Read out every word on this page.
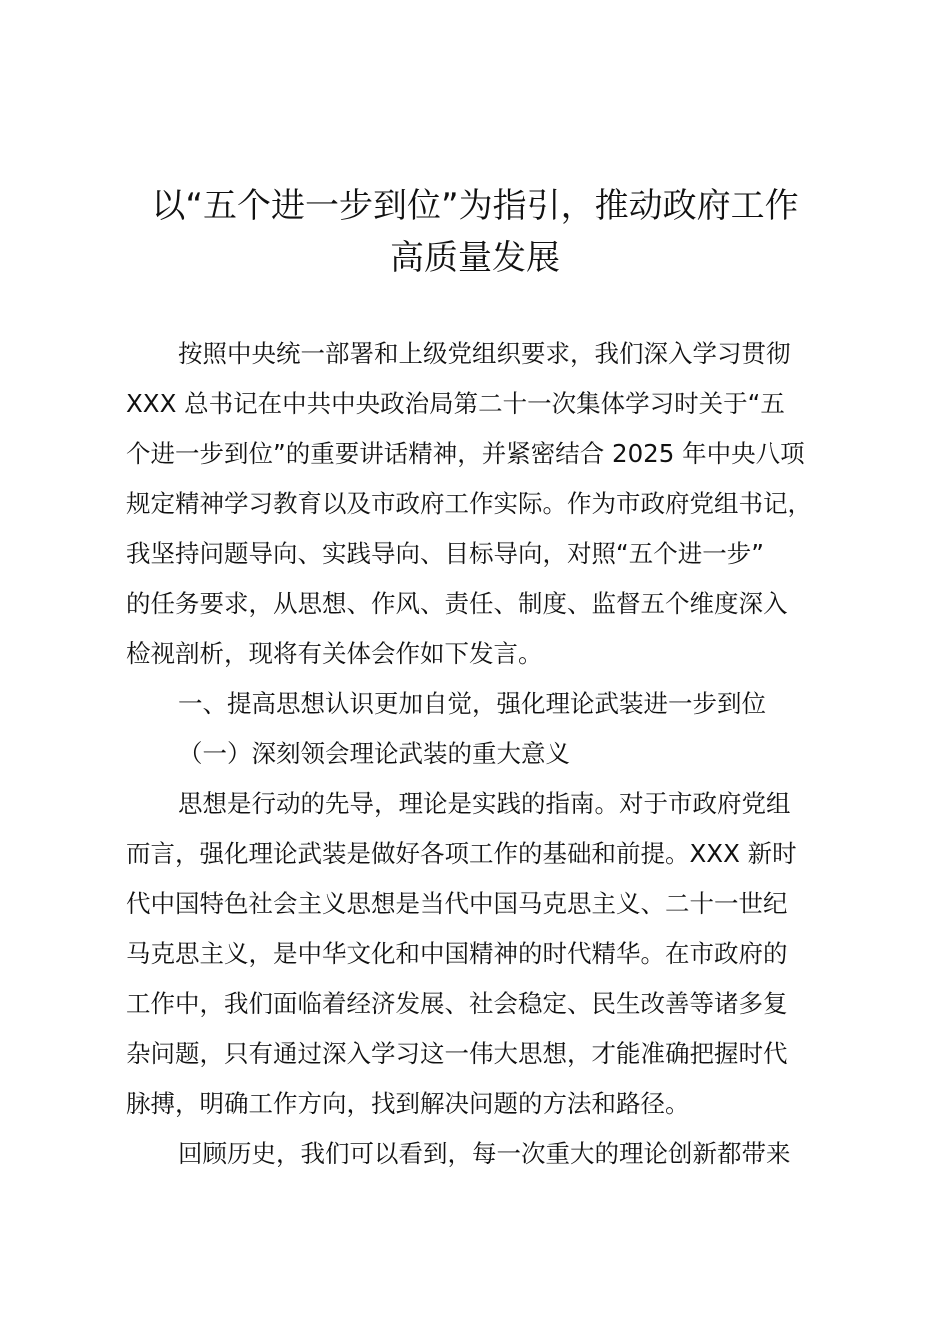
以“五个进一步到位”为指引，推动政府工作
高质量发展
按照中央统一部署和上级党组织要求，我们深入学习贯彻
XXX 总书记在中共中央政治局第二十一次集体学习时关于“五
个进一步到位”的重要讲话精神，并紧密结合 2025 年中央八项
规定精神学习教育以及市政府工作实际。作为市政府党组书记，
我坚持问题导向、实践导向、目标导向，对照“五个进一步”
的任务要求，从思想、作风、责任、制度、监督五个维度深入
检视剖析，现将有关体会作如下发言。
一、提高思想认识更加自觉，强化理论武装进一步到位
（一）深刻领会理论武装的重大意义
思想是行动的先导，理论是实践的指南。对于市政府党组
而言，强化理论武装是做好各项工作的基础和前提。XXX 新时
代中国特色社会主义思想是当代中国马克思主义、二十一世纪
马克思主义，是中华文化和中国精神的时代精华。在市政府的
工作中，我们面临着经济发展、社会稳定、民生改善等诸多复
杂问题，只有通过深入学习这一伟大思想，才能准确把握时代
脉搏，明确工作方向，找到解决问题的方法和路径。
回顾历史，我们可以看到，每一次重大的理论创新都带来
